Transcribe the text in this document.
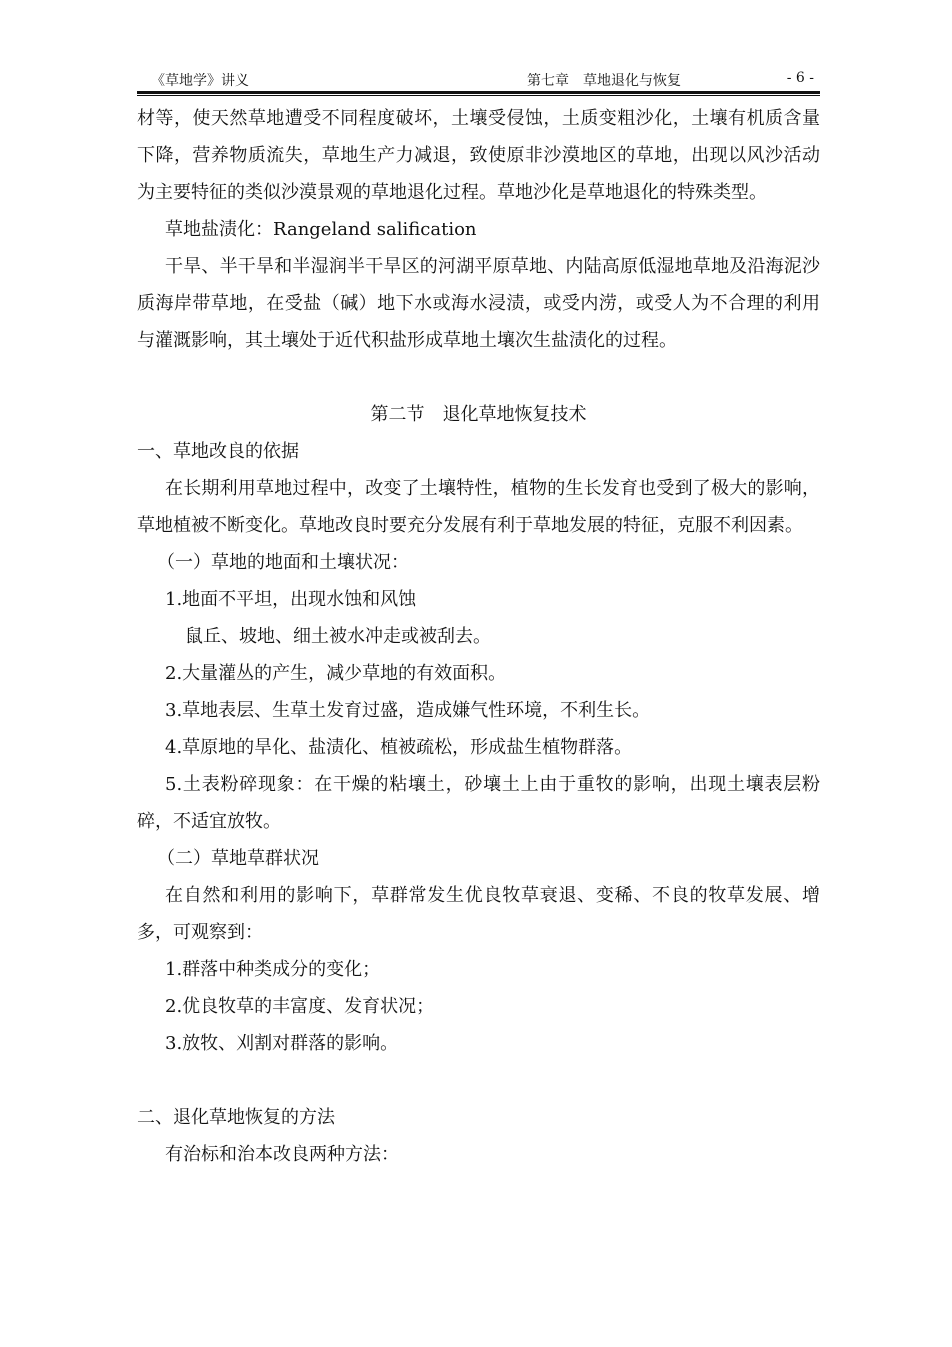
《草地学》讲义	第七章　草地退化与恢复	- 6 -

材等，使天然草地遭受不同程度破坏，土壤受侵蚀，土质变粗沙化，土壤有机质含量下降，营养物质流失，草地生产力减退，致使原非沙漠地区的草地，出现以风沙活动为主要特征的类似沙漠景观的草地退化过程。草地沙化是草地退化的特殊类型。

草地盐渍化：Rangeland salification

干旱、半干旱和半湿润半干旱区的河湖平原草地、内陆高原低湿地草地及沿海泥沙质海岸带草地，在受盐（碱）地下水或海水浸渍，或受内涝，或受人为不合理的利用与灌溉影响，其土壤处于近代积盐形成草地土壤次生盐渍化的过程。

第二节　退化草地恢复技术

一、草地改良的依据

在长期利用草地过程中，改变了土壤特性，植物的生长发育也受到了极大的影响，草地植被不断变化。草地改良时要充分发展有利于草地发展的特征，克服不利因素。

（一）草地的地面和土壤状况：

1.地面不平坦，出现水蚀和风蚀

鼠丘、坡地、细土被水冲走或被刮去。

2.大量灌丛的产生，减少草地的有效面积。

3.草地表层、生草土发育过盛，造成嫌气性环境，不利生长。

4.草原地的旱化、盐渍化、植被疏松，形成盐生植物群落。

5.土表粉碎现象：在干燥的粘壤土，砂壤土上由于重牧的影响，出现土壤表层粉碎，不适宜放牧。

（二）草地草群状况

在自然和利用的影响下，草群常发生优良牧草衰退、变稀、不良的牧草发展、增多，可观察到：

1.群落中种类成分的变化；

2.优良牧草的丰富度、发育状况；

3.放牧、刈割对群落的影响。

二、退化草地恢复的方法

有治标和治本改良两种方法：
